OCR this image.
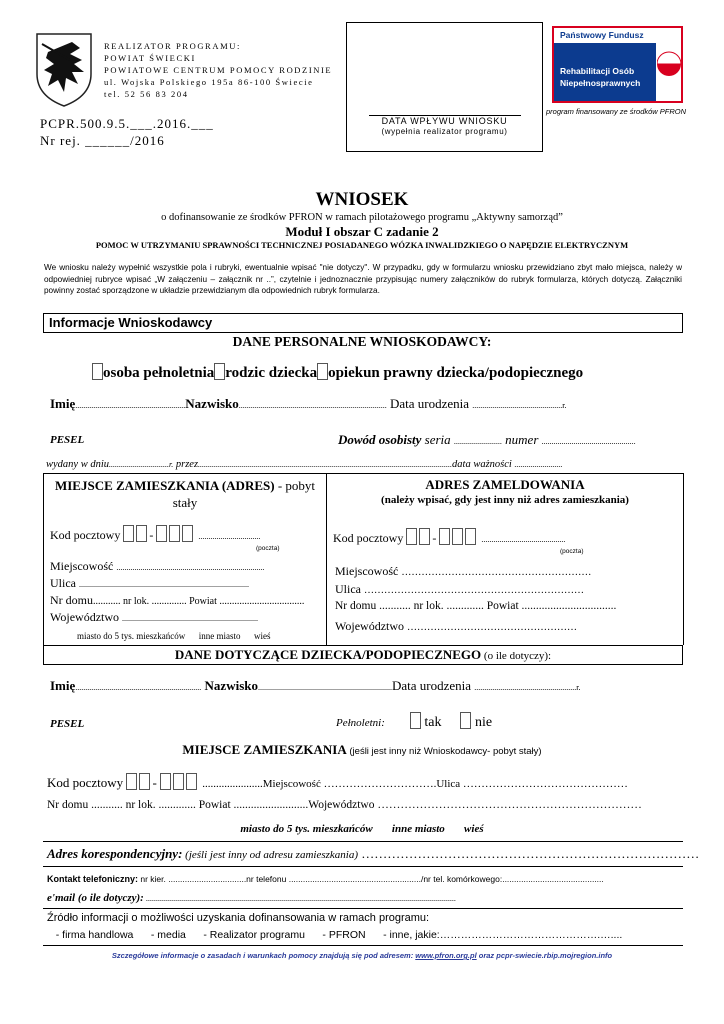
REALIZATOR PROGRAMU:
POWIAT ŚWIECKI
POWIATOWE CENTRUM POMOCY RODZINIE
ul. Wojska Polskiego 195a 86-100 Świecie
tel. 52 56 83 204
PCPR.500.9.5.___.2016.___
Nr rej. ______/2016
DATA WPŁYWU WNIOSKU
(wypełnia realizator programu)
Państwowy Fundusz
Rehabilitacji Osób
Niepełnosprawnych
program finansowany ze środków PFRON
WNIOSEK
o dofinansowanie ze środków PFRON w ramach pilotażowego programu „Aktywny samorząd”
Moduł I obszar C zadanie 2
POMOC W UTRZYMANIU SPRAWNOŚCI TECHNICZNEJ POSIADANEGO WÓZKA INWALIDZKIEGO O NAPĘDZIE ELEKTRYCZNYM
We wniosku należy wypełnić wszystkie pola i rubryki, ewentualnie wpisać "nie dotyczy". W przypadku, gdy w formularzu wniosku przewidziano zbyt mało miejsca, należy w odpowiedniej rubryce wpisać „W załączeniu – załącznik nr ..”, czytelnie i jednoznacznie przypisując numery załączników do rubryk formularza, których dotyczą. Załączniki powinny zostać sporządzone w układzie przewidzianym dla odpowiednich rubryk formularza.
Informacje Wnioskodawcy
DANE PERSONALNE WNIOSKODAWCY:
osoba pełnoletnia rodzic dziecka opiekun prawny dziecka/podopiecznego
Imię.......................................................Nazwisko.......................................................................... Data urodzenia .............................................r.
PESEL	Dowód osobisty seria ........................ numer ...............................................
wydany w dniu..............................r. przez...............................................................................................................................data ważności ........................
MIEJSCE ZAMIESZKANIA (ADRES) - pobyt stały
Kod pocztowy -	...............................
(poczta)
Miejscowość ..........................................................................
Ulica .....................................................................................
Nr domu........... nr lok. .............. Powiat ..................................
Województwo ....................................................................
miasto do 5 tys. mieszkańców      inne miasto      wieś
ADRES ZAMELDOWANIA
(należy wpisać, gdy jest inny niż adres zamieszkania)
Kod pocztowy -	..........................................
(poczta)
Miejscowość …………………………………………………
Ulica …………………………………………………………
Nr domu ........... nr lok. ............. Powiat .................................
Województwo ……………………………………………
DANE DOTYCZĄCE DZIECKA/PODOPIECZNEGO (o ile dotyczy):
Imię............................................................... Nazwisko...................................................................Data urodzenia ...................................................r.
PESEL	Pełnoletni:	tak nie
MIEJSCE ZAMIESZKANIA (jeśli jest inny niż Wnioskodawcy- pobyt stały)
Kod pocztowy -	......................Miejscowość ………………………….Ulica ………………………………………
Nr domu ........... nr lok. ............. Powiat ..........................Województwo ……………………………………………………………
miasto do 5 tys. mieszkańców       inne miasto       wieś
Adres korespondencyjny: (jeśli jest inny od adresu zamieszkania) ……………………………………………………………………
Kontakt telefoniczny: nr kier. .................................nr telefonu ......................................................../nr tel. komórkowego:...........................................
e'mail (o ile dotyczy): ...........................................................................................................................................................
Źródło informacji o możliwości uzyskania dofinansowania w ramach programu:
- firma handlowa      - media      - Realizator programu      - PFRON      - inne, jakie:……………………………………….…....
Szczegółowe informacje o zasadach i warunkach pomocy znajdują się pod adresem: www.pfron.org.pl oraz pcpr-swiecie.rbip.mojregion.info
